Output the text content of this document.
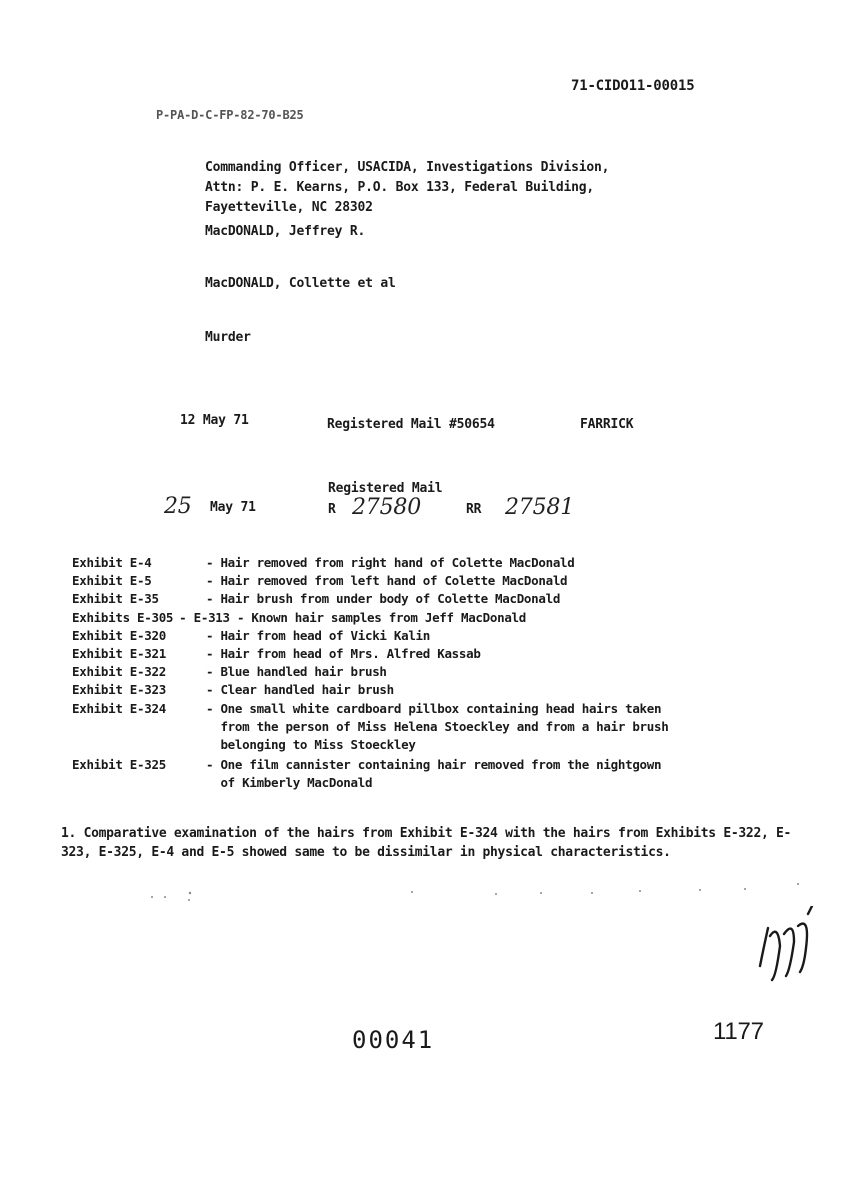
71-CIDO11-00015
P-PA-D-C-FP-82-70-B25
Commanding Officer, USACIDA, Investigations Division,
Attn: P. E. Kearns, P.O. Box 133, Federal Building,
Fayetteville, NC 28302
MacDONALD, Jeffrey R.
MacDONALD, Collette et al
Murder
12 May 71	Registered Mail #50654	FARRICK
Registered Mail
25 May 71	R 27580	RR 27581
Exhibit E-4	- Hair removed from right hand of Colette MacDonald
Exhibit E-5	- Hair removed from left hand of Colette MacDonald
Exhibit E-35	- Hair brush from under body of Colette MacDonald
Exhibits E-305 - E-313 - Known hair samples from Jeff MacDonald
Exhibit E-320	- Hair from head of Vicki Kalin
Exhibit E-321	- Hair from head of Mrs. Alfred Kassab
Exhibit E-322	- Blue handled hair brush
Exhibit E-323	- Clear handled hair brush
Exhibit E-324	- One small white cardboard pillbox containing head hairs taken
from the person of Miss Helena Stoeckley and from a hair brush
belonging to Miss Stoeckley
Exhibit E-325	- One film cannister containing hair removed from the nightgown
of Kimberly MacDonald
1. Comparative examination of the hairs from Exhibit E-324 with the hairs from Exhibits E-322, E-323, E-325, E-4 and E-5 showed same to be dissimilar in physical characteristics.
00041	1177
